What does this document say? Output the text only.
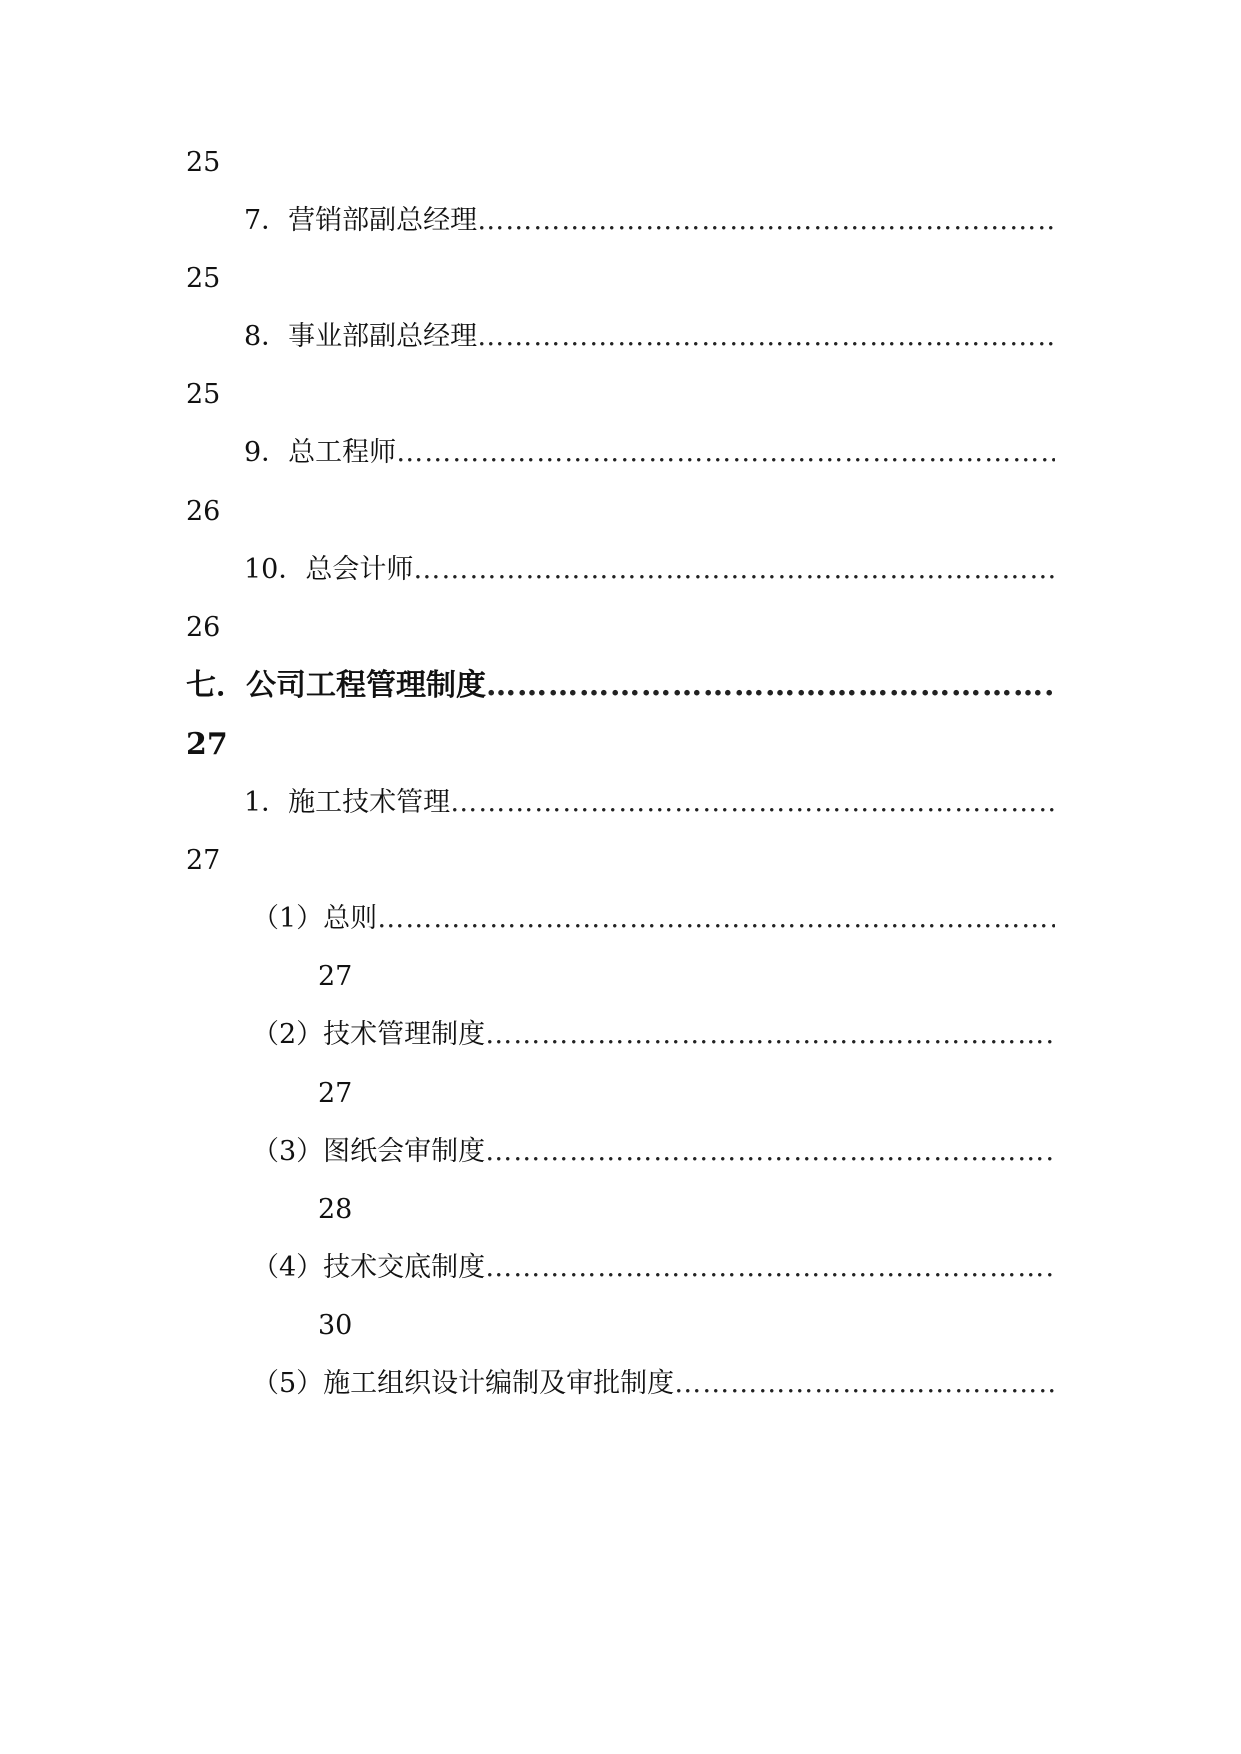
25
7．营销部副总经理
……………………………………………………………………………………………………………………………………………………………………………………………………
25
8．事业部副总经理
……………………………………………………………………………………………………………………………………………………………………………………………………
25
9．总工程师
……………………………………………………………………………………………………………………………………………………………………………………………………
26
10．总会计师
……………………………………………………………………………………………………………………………………………………………………………………………………
26
七．公司工程管理制度
……………………………………………………………………………………………………………………………………………………………………………………………………
27
1．施工技术管理
……………………………………………………………………………………………………………………………………………………………………………………………………
27
（1）总则
……………………………………………………………………………………………………………………………………………………………………………………………………
27
（2）技术管理制度
……………………………………………………………………………………………………………………………………………………………………………………………………
27
（3）图纸会审制度
……………………………………………………………………………………………………………………………………………………………………………………………………
28
（4）技术交底制度
……………………………………………………………………………………………………………………………………………………………………………………………………
30
（5）施工组织设计编制及审批制度
……………………………………………………………………………………………………………………………………………………………………………………………………
